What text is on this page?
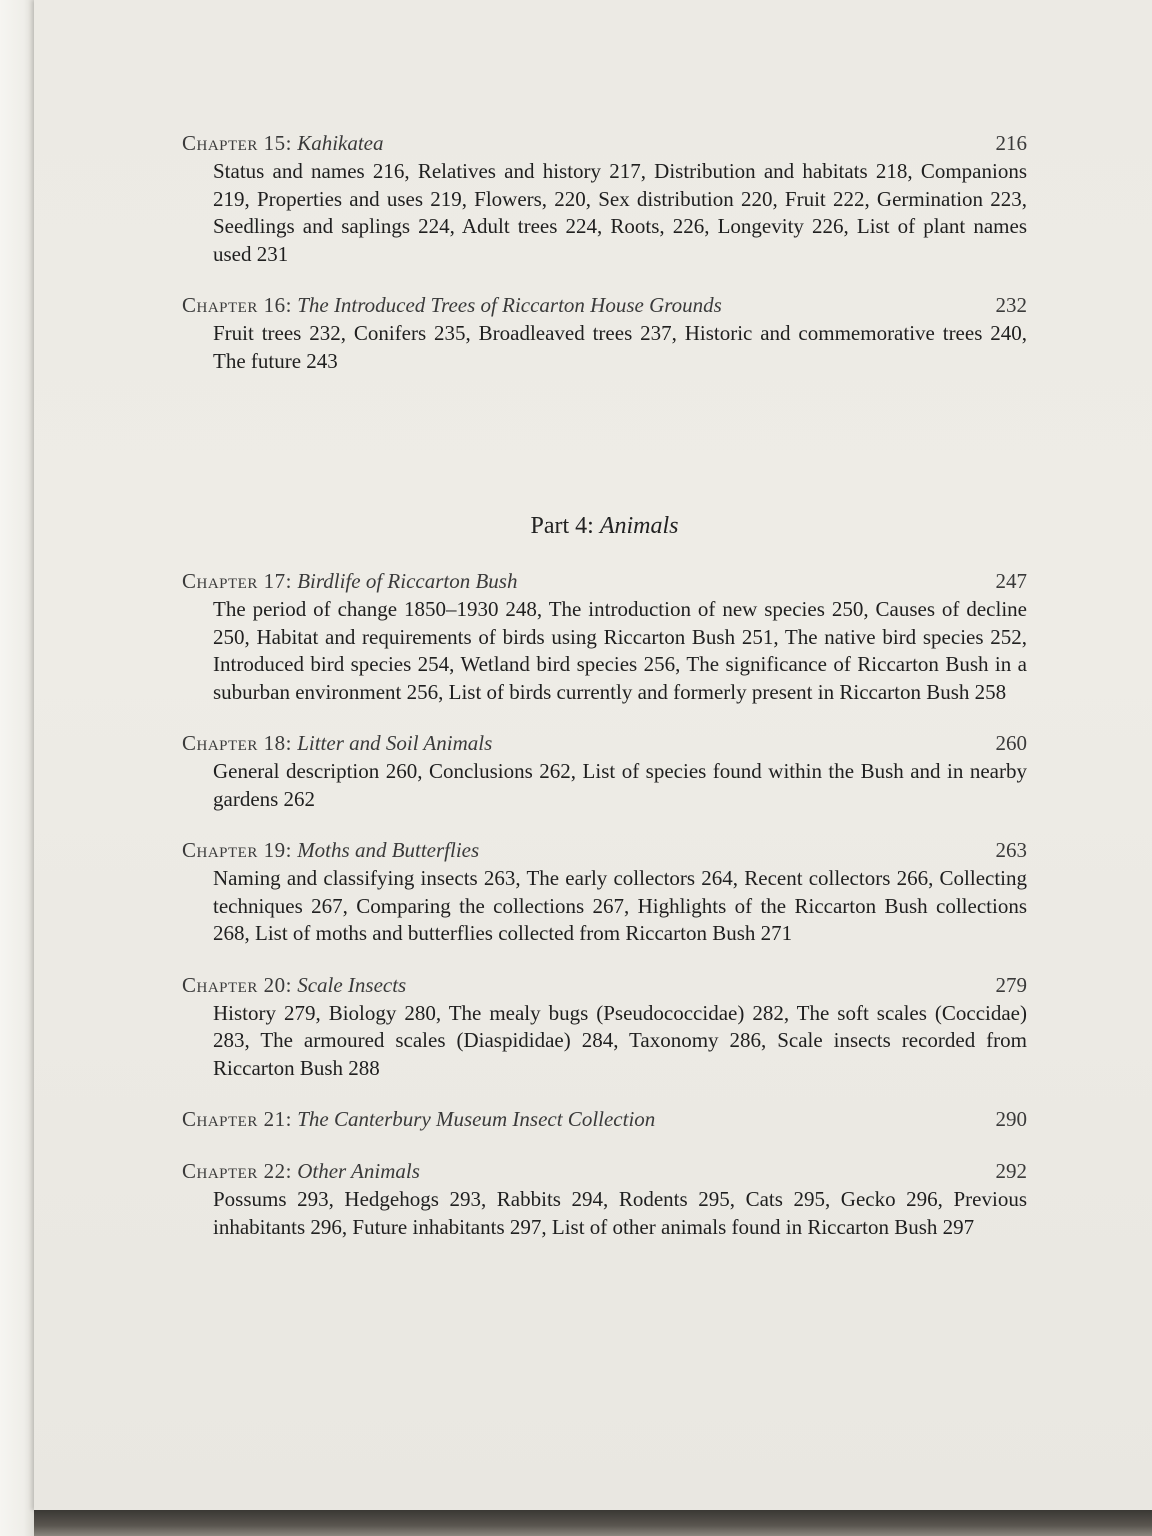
Chapter 15: Kahikatea	216
Status and names 216, Relatives and history 217, Distribution and habitats 218, Companions 219, Properties and uses 219, Flowers, 220, Sex distribution 220, Fruit 222, Germination 223, Seedlings and saplings 224, Adult trees 224, Roots, 226, Longevity 226, List of plant names used 231
Chapter 16: The Introduced Trees of Riccarton House Grounds	232
Fruit trees 232, Conifers 235, Broadleaved trees 237, Historic and commemorative trees 240, The future 243
Part 4: Animals
Chapter 17: Birdlife of Riccarton Bush	247
The period of change 1850–1930 248, The introduction of new species 250, Causes of decline 250, Habitat and requirements of birds using Riccarton Bush 251, The native bird species 252, Introduced bird species 254, Wetland bird species 256, The significance of Riccarton Bush in a suburban environment 256, List of birds currently and formerly present in Riccarton Bush 258
Chapter 18: Litter and Soil Animals	260
General description 260, Conclusions 262, List of species found within the Bush and in nearby gardens 262
Chapter 19: Moths and Butterflies	263
Naming and classifying insects 263, The early collectors 264, Recent collectors 266, Collecting techniques 267, Comparing the collections 267, Highlights of the Riccarton Bush collections 268, List of moths and butterflies collected from Riccarton Bush 271
Chapter 20: Scale Insects	279
History 279, Biology 280, The mealy bugs (Pseudococcidae) 282, The soft scales (Coccidae) 283, The armoured scales (Diaspididae) 284, Taxonomy 286, Scale insects recorded from Riccarton Bush 288
Chapter 21: The Canterbury Museum Insect Collection	290
Chapter 22: Other Animals	292
Possums 293, Hedgehogs 293, Rabbits 294, Rodents 295, Cats 295, Gecko 296, Previous inhabitants 296, Future inhabitants 297, List of other animals found in Riccarton Bush 297
